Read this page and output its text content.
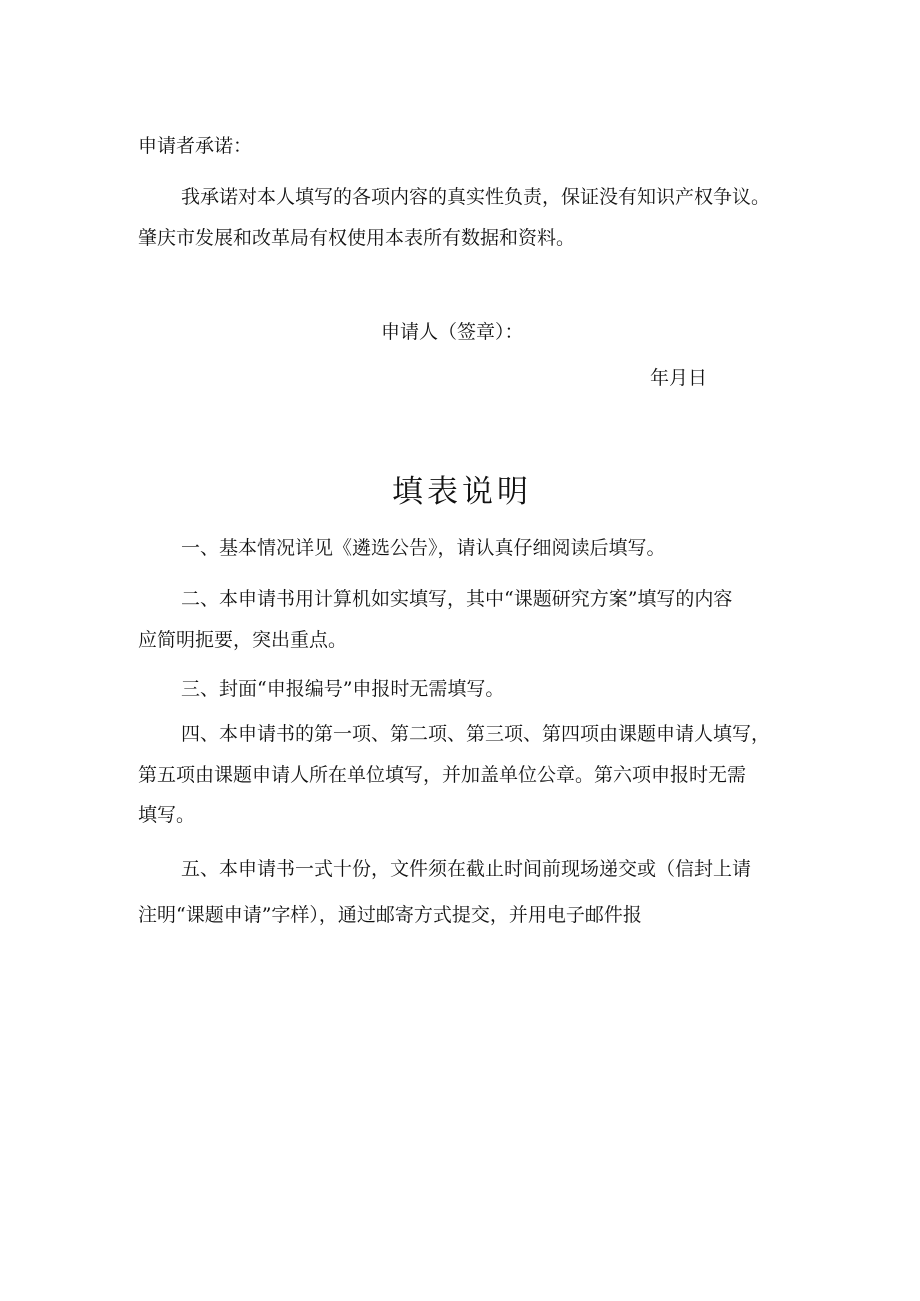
申请者承诺：
我承诺对本人填写的各项内容的真实性负责，保证没有知识产权争议。
肇庆市发展和改革局有权使用本表所有数据和资料。
申请人（签章）：
年月日
填表说明
一、基本情况详见《遴选公告》，请认真仔细阅读后填写。
二、本申请书用计算机如实填写，其中“课题研究方案”填写的内容
应简明扼要，突出重点。
三、封面“申报编号”申报时无需填写。
四、本申请书的第一项、第二项、第三项、第四项由课题申请人填写，
第五项由课题申请人所在单位填写，并加盖单位公章。第六项申报时无需
填写。
五、本申请书一式十份，文件须在截止时间前现场递交或（信封上请
注明“课题申请”字样），通过邮寄方式提交，并用电子邮件报
